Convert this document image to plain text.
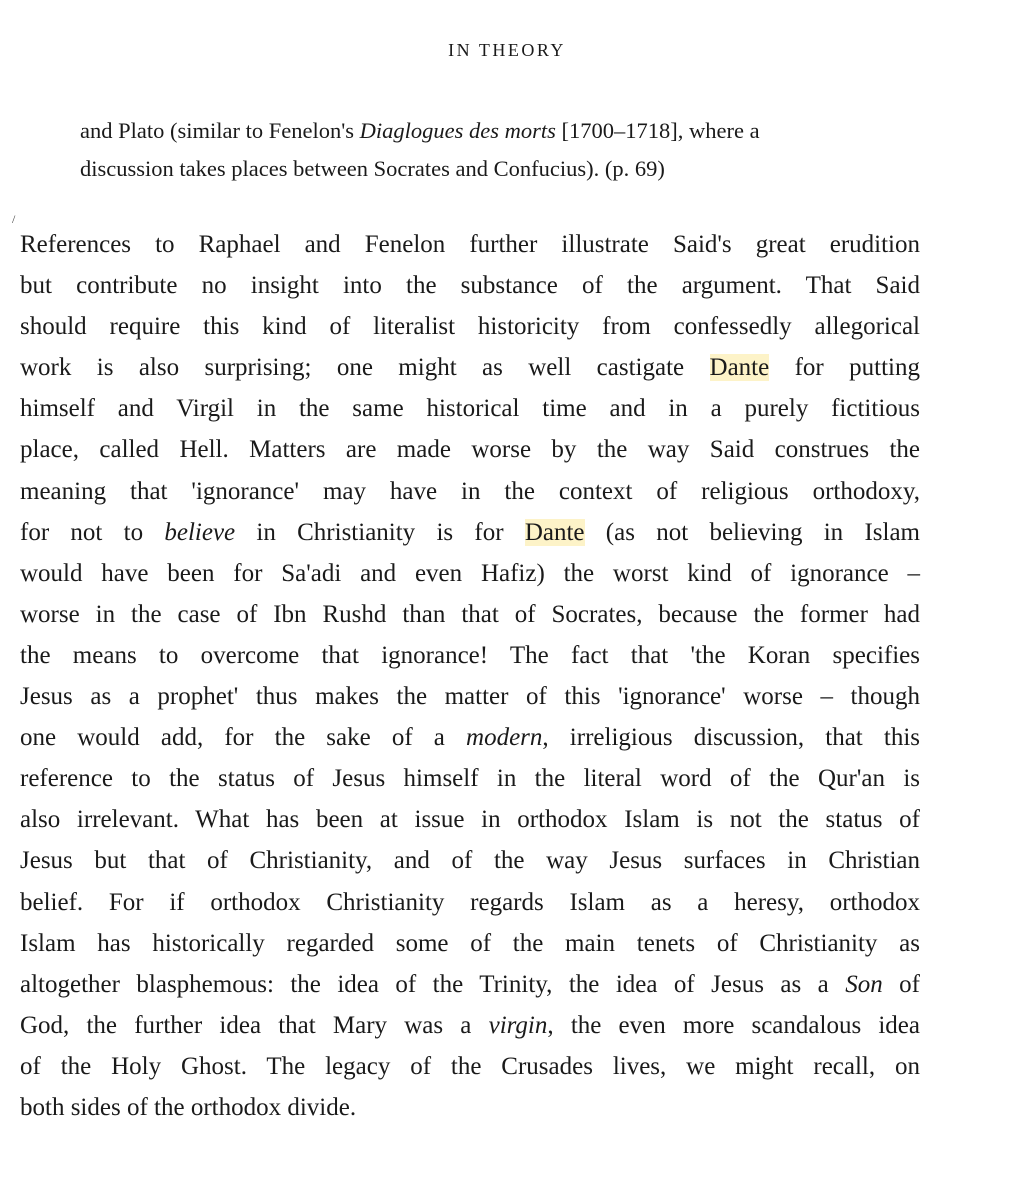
IN THEORY
and Plato (similar to Fenelon's Diaglogues des morts [1700–1718], where a
discussion takes places between Socrates and Confucius). (p. 69)
/
References to Raphael and Fenelon further illustrate Said's great erudition
but contribute no insight into the substance of the argument. That Said
should require this kind of literalist historicity from confessedly allegorical
work is also surprising; one might as well castigate Dante for putting
himself and Virgil in the same historical time and in a purely fictitious
place, called Hell. Matters are made worse by the way Said construes the
meaning that 'ignorance' may have in the context of religious orthodoxy,
for not to believe in Christianity is for Dante (as not believing in Islam
would have been for Sa'adi and even Hafiz) the worst kind of ignorance –
worse in the case of Ibn Rushd than that of Socrates, because the former had
the means to overcome that ignorance! The fact that 'the Koran specifies
Jesus as a prophet' thus makes the matter of this 'ignorance' worse – though
one would add, for the sake of a modern, irreligious discussion, that this
reference to the status of Jesus himself in the literal word of the Qur'an is
also irrelevant. What has been at issue in orthodox Islam is not the status of
Jesus but that of Christianity, and of the way Jesus surfaces in Christian
belief. For if orthodox Christianity regards Islam as a heresy, orthodox
Islam has historically regarded some of the main tenets of Christianity as
altogether blasphemous: the idea of the Trinity, the idea of Jesus as a Son of
God, the further idea that Mary was a virgin, the even more scandalous idea
of the Holy Ghost. The legacy of the Crusades lives, we might recall, on
both sides of the orthodox divide.
